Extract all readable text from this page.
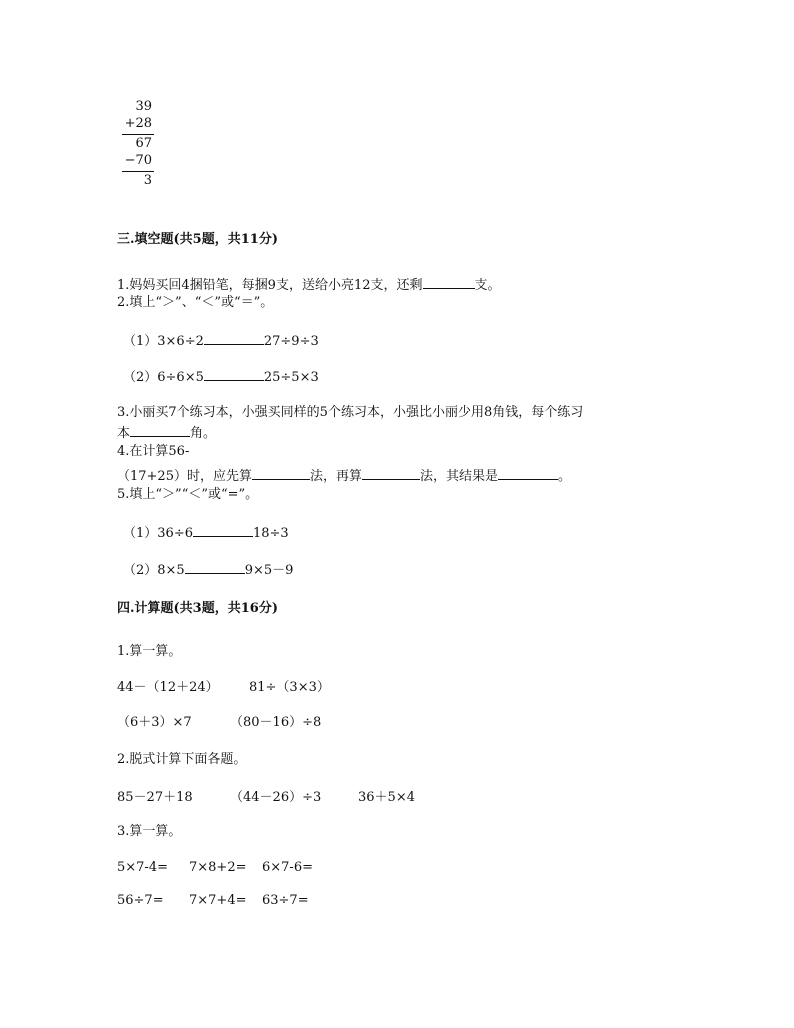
39
+28
67
−70
3
三.填空题(共5题，共11分)
1.妈妈买回4捆铅笔，每捆9支，送给小亮12支，还剩	支。
2.填上“＞”、“＜”或“＝”。
（1）3×6÷2	27÷9÷3
（2）6÷6×5	25÷5×3
3.小丽买7个练习本，小强买同样的5个练习本，小强比小丽少用8角钱，每个练习
本	角。
4.在计算56-
（17+25）时，应先算	法，再算	法，其结果是	。
5.填上“＞”“＜”或“=”。
（1）36÷6	18÷3
（2）8×5	9×5－9
四.计算题(共3题，共16分)
1.算一算。
44－（12＋24） 81÷（3×3）
（6＋3）×7	（80－16）÷8
2.脱式计算下面各题。
85－27＋18	（44－26）÷3	36＋5×4
3.算一算。
5×7-4= 7×8+2= 6×7-6=
56÷7= 7×7+4= 63÷7=
